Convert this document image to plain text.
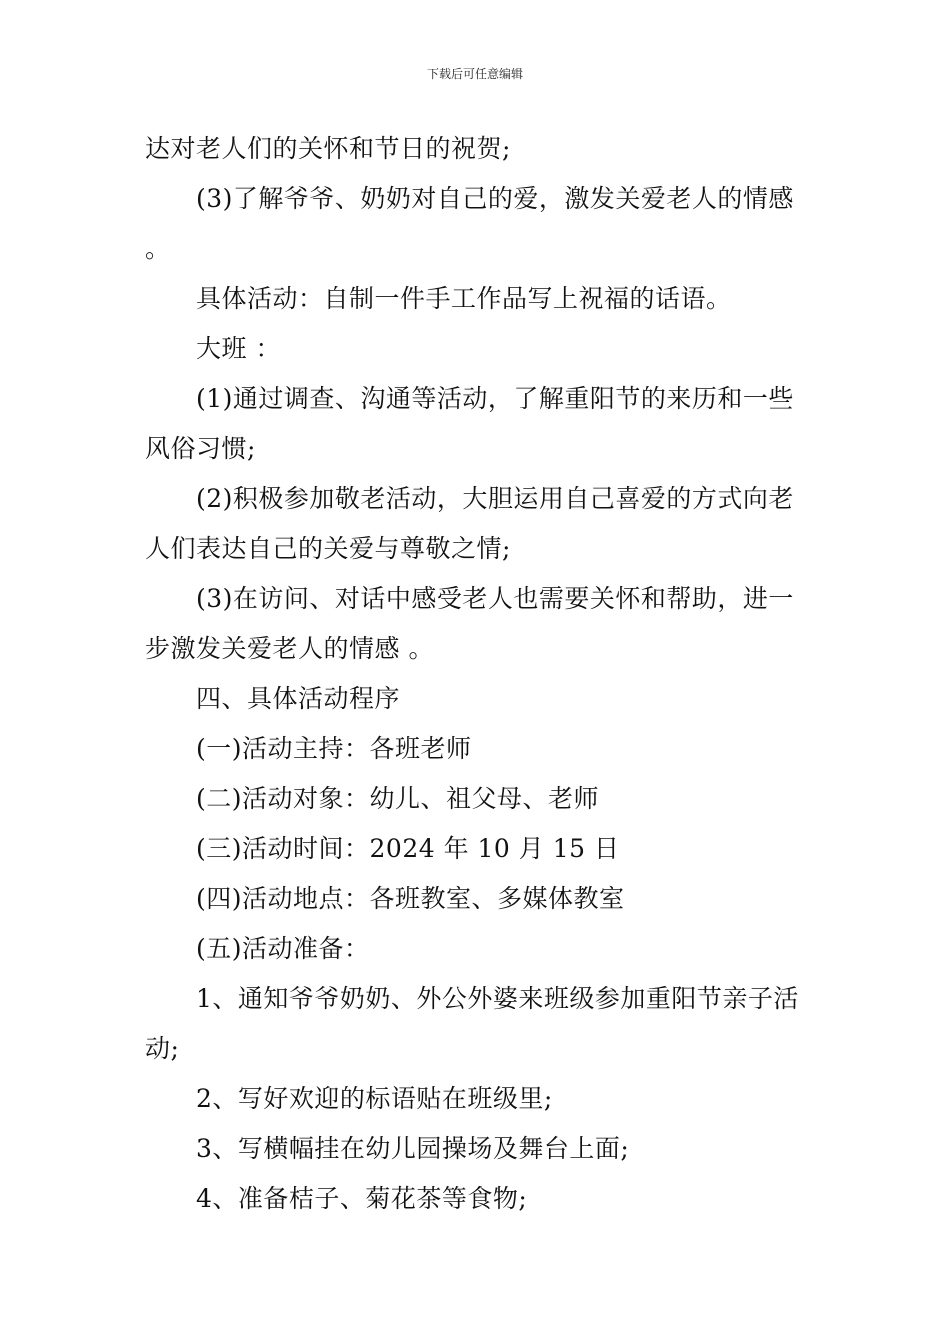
下载后可任意编辑
达对老人们的关怀和节日的祝贺;
(3)了解爷爷、奶奶对自己的爱，激发关爱老人的情感
。
具体活动：自制一件手工作品写上祝福的话语。
大班 ：
(1)通过调查、沟通等活动，了解重阳节的来历和一些
风俗习惯;
(2)积极参加敬老活动，大胆运用自己喜爱的方式向老
人们表达自己的关爱与尊敬之情;
(3)在访问、对话中感受老人也需要关怀和帮助，进一
步激发关爱老人的情感 。
四、具体活动程序
(一)活动主持：各班老师
(二)活动对象：幼儿、祖父母、老师
(三)活动时间：2024 年 10 月 15 日
(四)活动地点：各班教室、多媒体教室
(五)活动准备：
1、通知爷爷奶奶、外公外婆来班级参加重阳节亲子活
动;
2、写好欢迎的标语贴在班级里;
3、写横幅挂在幼儿园操场及舞台上面;
4、准备桔子、菊花茶等食物;
